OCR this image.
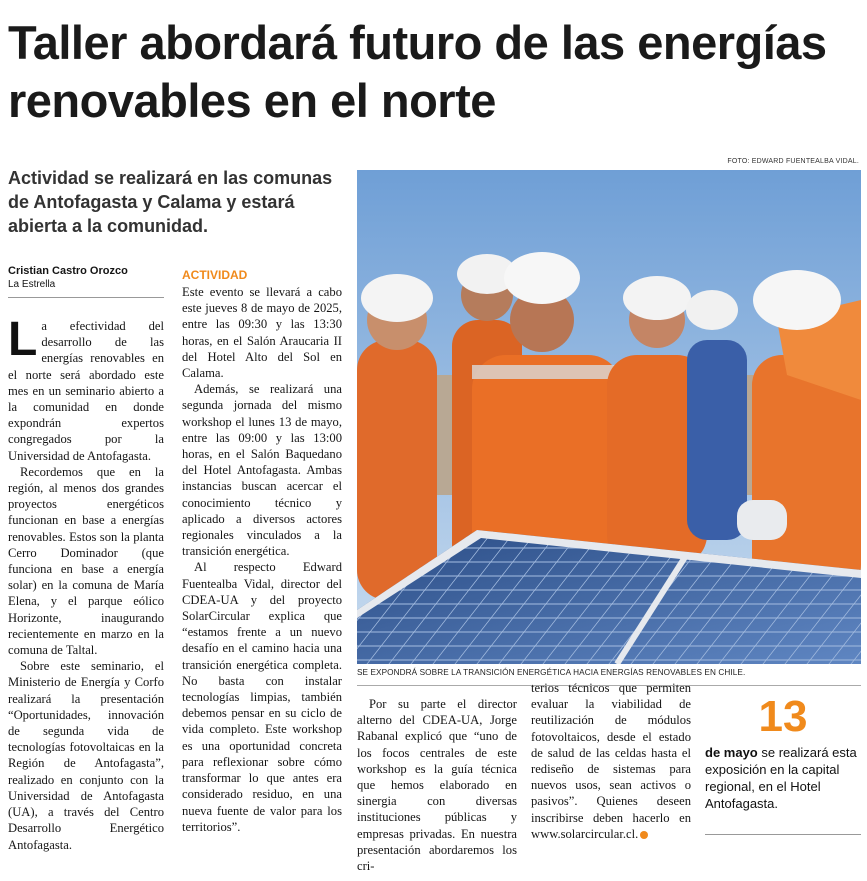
Taller abordará futuro de las energías renovables en el norte
FOTO: EDWARD FUENTEALBA VIDAL.
Actividad se realizará en las comunas de Antofagasta y Calama y estará abierta a la comunidad.
Cristian Castro Orozco
La Estrella

La efectividad del desarrollo de las energías renovables en el norte será abordado este mes en un seminario abierto a la comunidad en donde expondrán expertos congregados por la Universidad de Antofagasta.

Recordemos que en la región, al menos dos grandes proyectos energéticos funcionan en base a energías renovables. Estos son la planta Cerro Dominador (que funciona en base a energía solar) en la comuna de María Elena, y el parque eólico Horizonte, inaugurando recientemente en marzo en la comuna de Taltal.

Sobre este seminario, el Ministerio de Energía y Corfo realizará la presentación “Oportunidades, innovación de segunda vida de tecnologías fotovoltaicas en la Región de Antofagasta”, realizado en conjunto con la Universidad de Antofagasta (UA), a través del Centro Desarrollo Energético Antofagasta.

ACTIVIDAD

Este evento se llevará a cabo este jueves 8 de mayo de 2025, entre las 09:30 y las 13:30 horas, en el Salón Araucaria II del Hotel Alto del Sol en Calama.

Además, se realizará una segunda jornada del mismo workshop el lunes 13 de mayo, entre las 09:00 y las 13:00 horas, en el Salón Baquedano del Hotel Antofagasta. Ambas instancias buscan acercar el conocimiento técnico y aplicado a diversos actores regionales vinculados a la transición energética.

Al respecto Edward Fuentealba Vidal, director del CDEA-UA y del proyecto SolarCircular explica que “estamos frente a un nuevo desafío en el camino hacia una transición energética completa. No basta con instalar tecnologías limpias, también debemos pensar en su ciclo de vida completo. Este workshop es una oportunidad concreta para reflexionar sobre cómo transformar lo que antes era considerado residuo, en una nueva fuente de valor para los territorios”.

SE EXPONDRÁ SOBRE LA TRANSICIÓN ENERGÉTICA HACIA ENERGÍAS RENOVABLES EN CHILE.

Por su parte el director alterno del CDEA-UA, Jorge Rabanal explicó que “uno de los focos centrales de este workshop es la guía técnica que hemos elaborado en sinergia con diversas instituciones públicas y empresas privadas. En nuestra presentación abordaremos los cri-

terios técnicos que permiten evaluar la viabilidad de reutilización de módulos fotovoltaicos, desde el estado de salud de las celdas hasta el rediseño de sistemas para nuevos usos, sean activos o pasivos”. Quienes deseen inscribirse deben hacerlo en www.solarcircular.cl.

13
de mayo se realizará esta exposición en la capital regional, en el Hotel Antofagasta.
